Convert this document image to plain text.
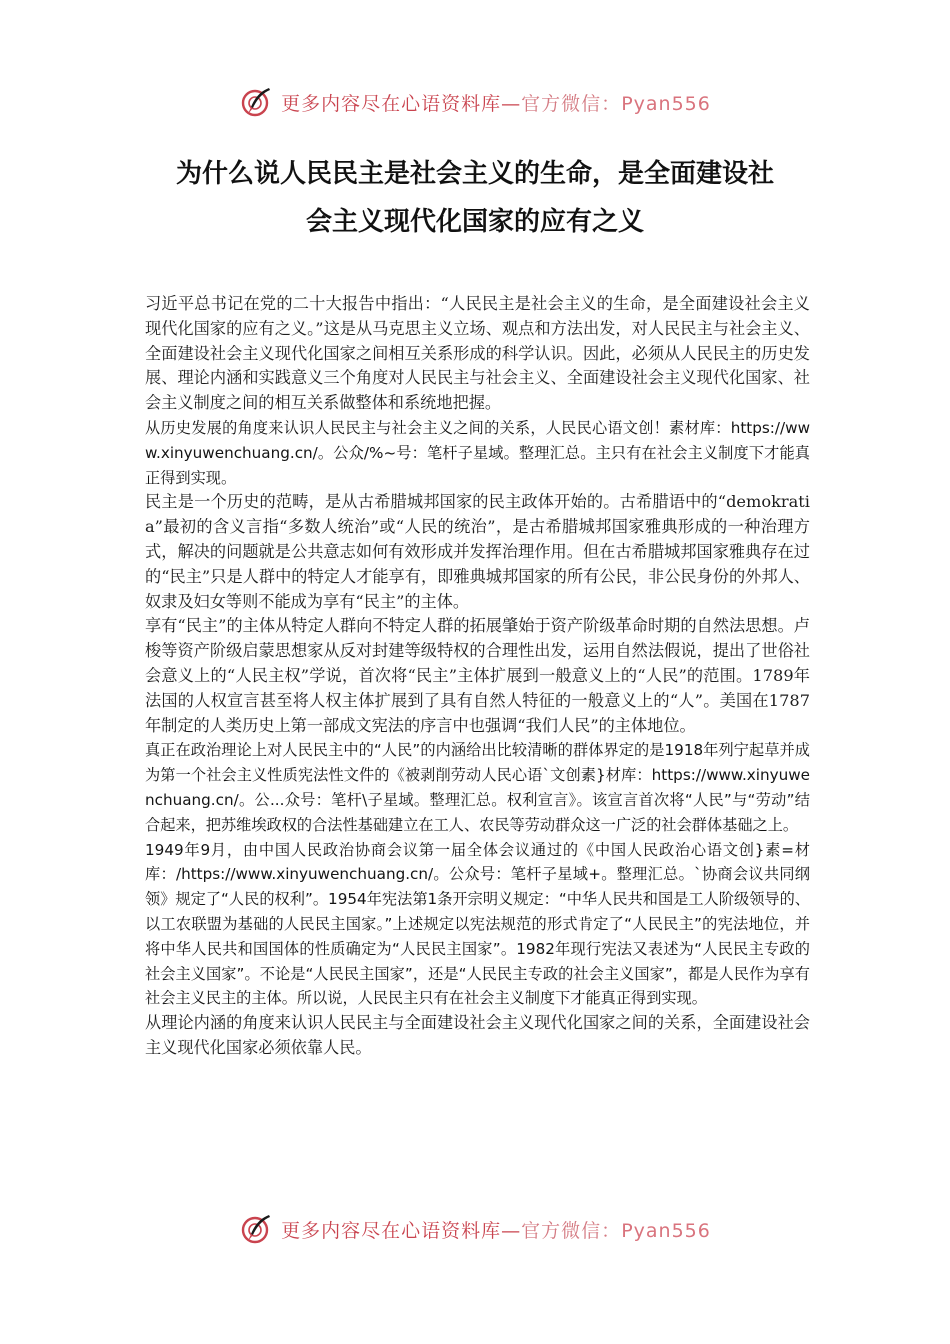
更多内容尽在心语资料库—官方微信：Pyan556
为什么说人民民主是社会主义的生命，是全面建设社
会主义现代化国家的应有之义

习近平总书记在党的二十大报告中指出：“人民民主是社会主义的生命，是全面建设社会主义现代化国家的应有之义。”这是从马克思主义立场、观点和方法出发，对人民民主与社会主义、全面建设社会主义现代化国家之间相互关系形成的科学认识。因此，必须从人民民主的历史发展、理论内涵和实践意义三个角度对人民民主与社会主义、全面建设社会主义现代化国家、社会主义制度之间的相互关系做整体和系统地把握。

从历史发展的角度来认识人民民主与社会主义之间的关系，人民民心语文创！素材库：https://www.xinyuwenchuang.cn/。公众/%~号：笔杆子星域。整理汇总。主只有在社会主义制度下才能真正得到实现。

民主是一个历史的范畴，是从古希腊城邦国家的民主政体开始的。古希腊语中的“demokratia”最初的含义言指“多数人统治”或“人民的统治”，是古希腊城邦国家雅典形成的一种治理方式，解决的问题就是公共意志如何有效形成并发挥治理作用。但在古希腊城邦国家雅典存在过的“民主”只是人群中的特定人才能享有，即雅典城邦国家的所有公民，非公民身份的外邦人、奴隶及妇女等则不能成为享有“民主”的主体。

享有“民主”的主体从特定人群向不特定人群的拓展肇始于资产阶级革命时期的自然法思想。卢梭等资产阶级启蒙思想家从反对封建等级特权的合理性出发，运用自然法假说，提出了世俗社会意义上的“人民主权”学说，首次将“民主”主体扩展到一般意义上的“人民”的范围。1789年法国的人权宣言甚至将人权主体扩展到了具有自然人特征的一般意义上的“人”。美国在1787年制定的人类历史上第一部成文宪法的序言中也强调“我们人民”的主体地位。

真正在政治理论上对人民民主中的“人民”的内涵给出比较清晰的群体界定的是1918年列宁起草并成为第一个社会主义性质宪法性文件的《被剥削劳动人民心语`文创素}材库：https://www.xinyuwenchuang.cn/。公...众号：笔杆\子星域。整理汇总。权利宣言》。该宣言首次将“人民”与“劳动”结合起来，把苏维埃政权的合法性基础建立在工人、农民等劳动群众这一广泛的社会群体基础之上。

1949年9月，由中国人民政治协商会议第一届全体会议通过的《中国人民政治心语文创}素=材库：/https://www.xinyuwenchuang.cn/。公众号：笔杆子星域+。整理汇总。`协商会议共同纲领》规定了“人民的权利”。1954年宪法第1条开宗明义规定：“中华人民共和国是工人阶级领导的、以工农联盟为基础的人民民主国家。”上述规定以宪法规范的形式肯定了“人民民主”的宪法地位，并将中华人民共和国国体的性质确定为“人民民主国家”。1982年现行宪法又表述为“人民民主专政的社会主义国家”。不论是“人民民主国家”，还是“人民民主专政的社会主义国家”，都是人民作为享有社会主义民主的主体。所以说，人民民主只有在社会主义制度下才能真正得到实现。

从理论内涵的角度来认识人民民主与全面建设社会主义现代化国家之间的关系，全面建设社会主义现代化国家必须依靠人民。

更多内容尽在心语资料库—官方微信：Pyan556
